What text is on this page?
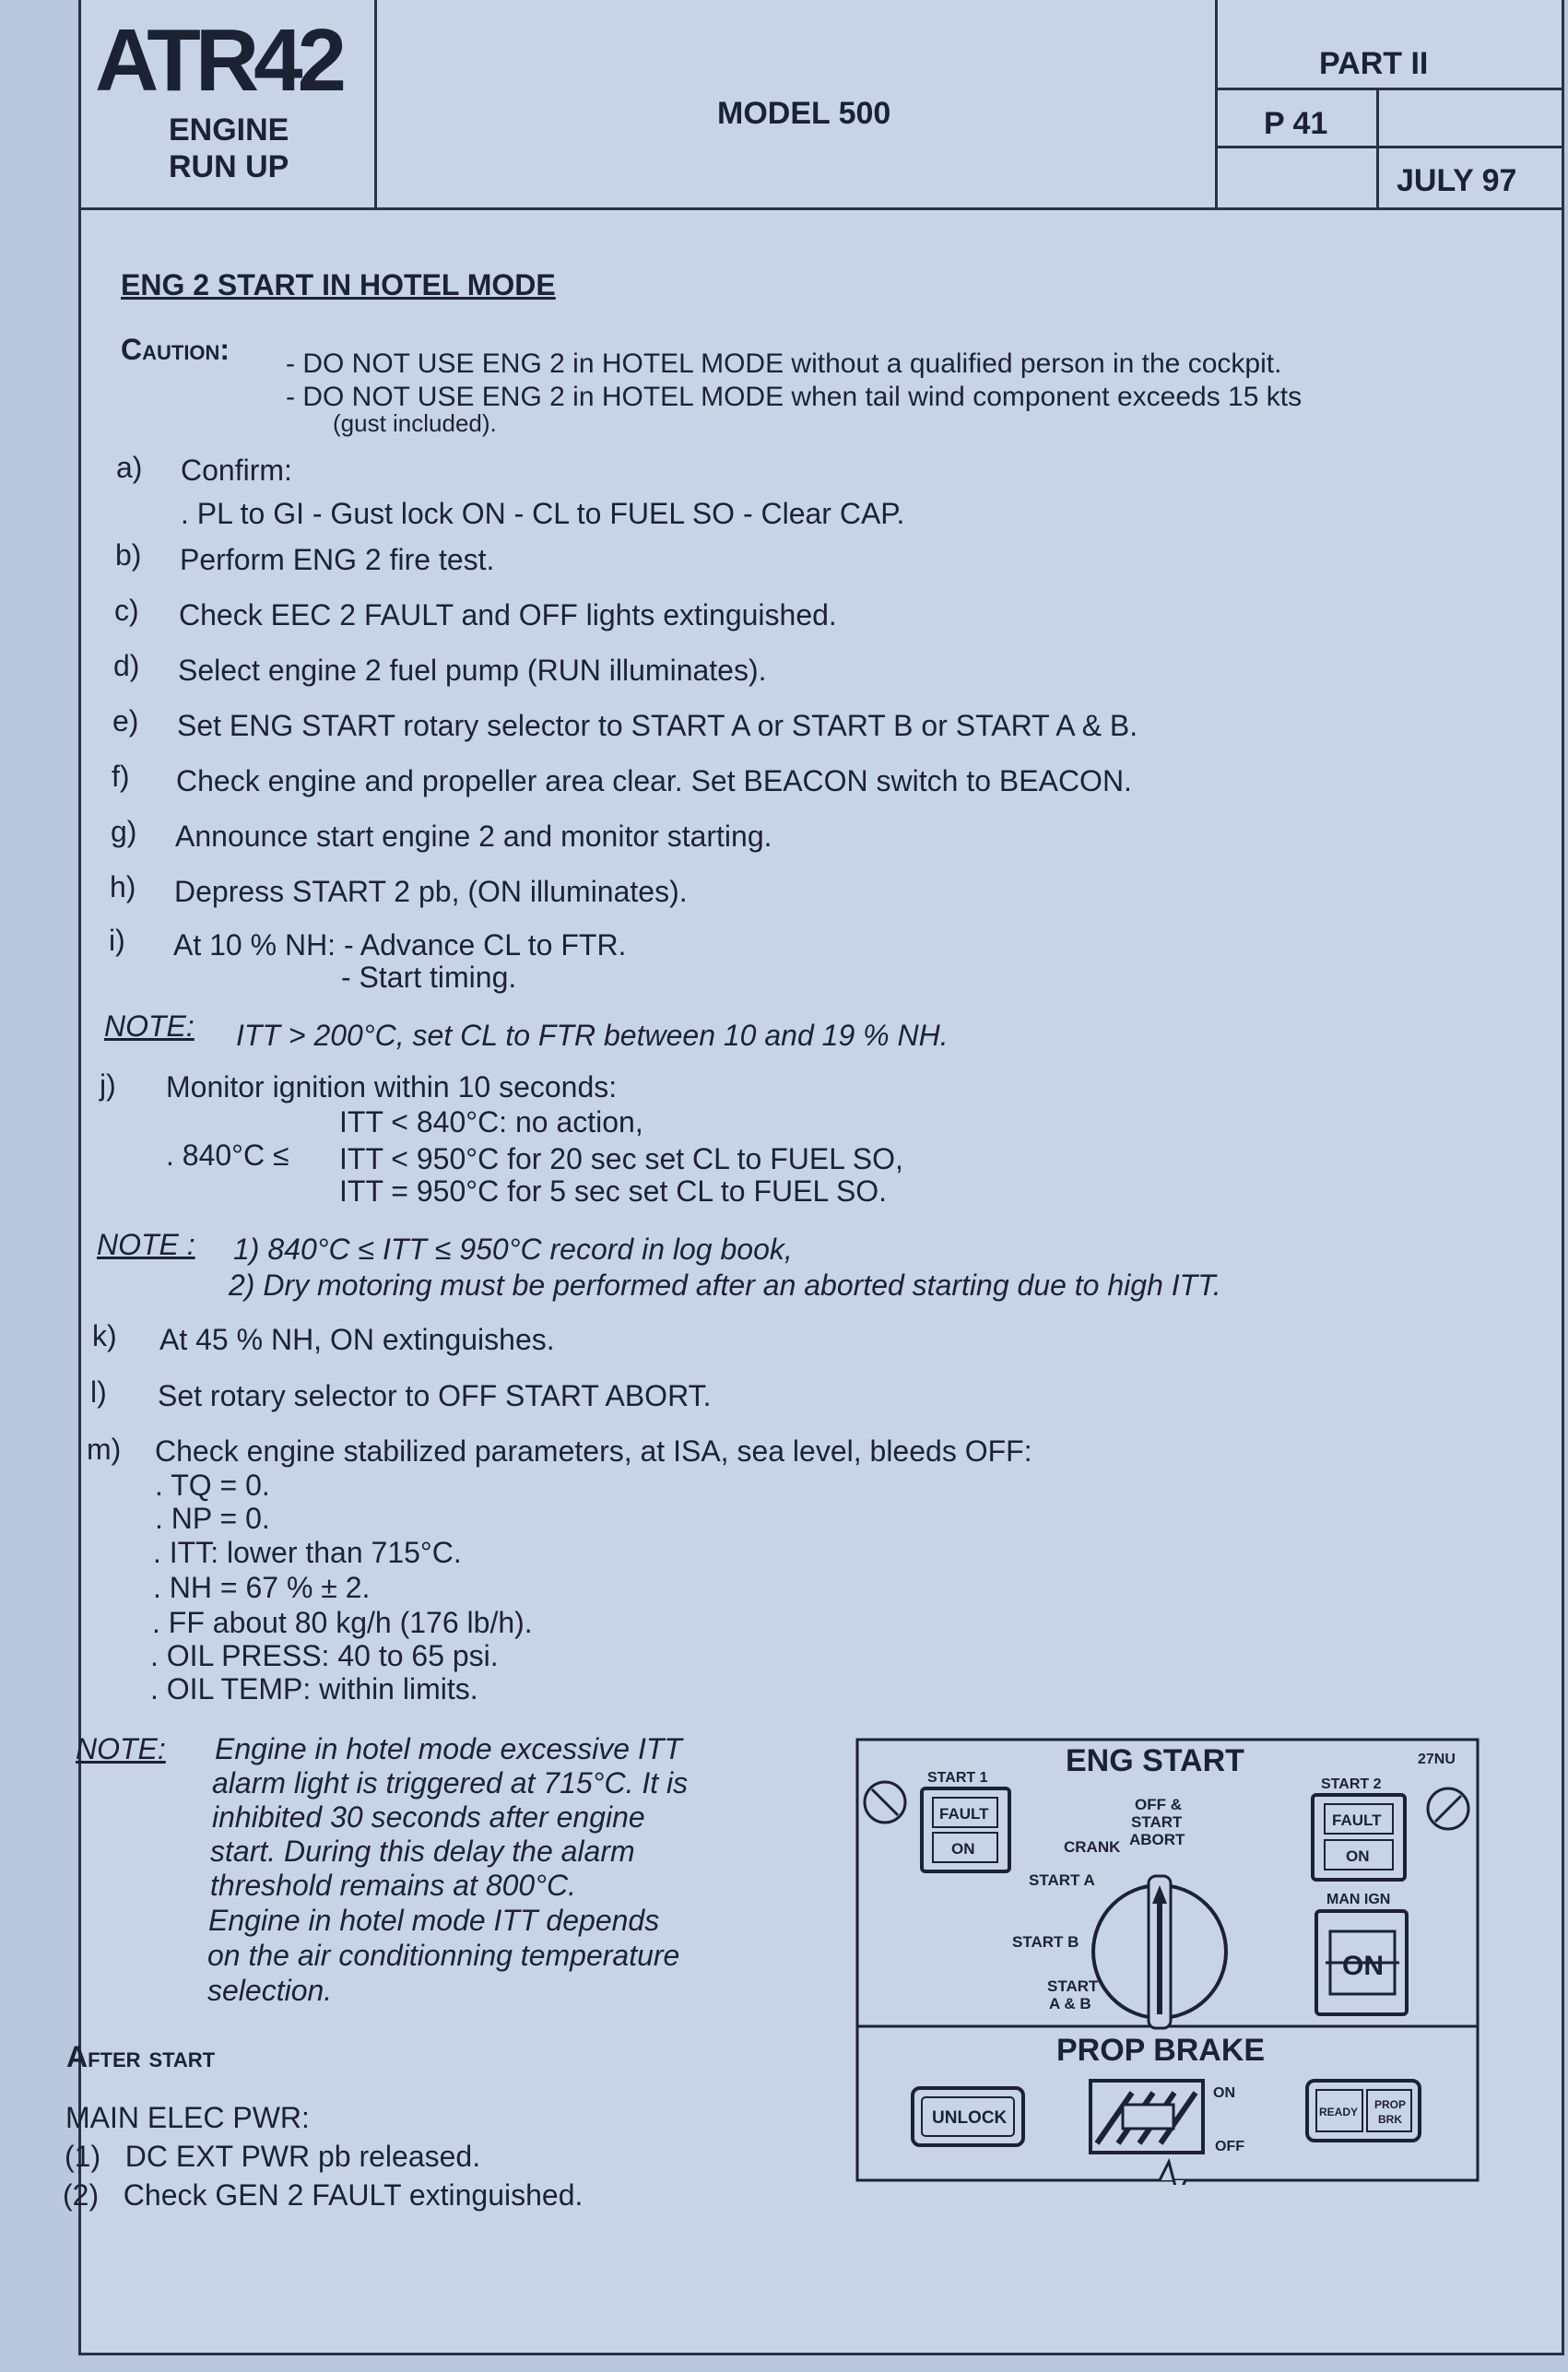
ATR42
ENGINE
RUN UP
MODEL 500
PART II
P 41
JULY 97
ENG 2 START IN HOTEL MODE
Caution: - DO NOT USE ENG 2 in HOTEL MODE without a qualified person in the cockpit.
- DO NOT USE ENG 2 in HOTEL MODE when tail wind component exceeds 15 kts
(gust included).
a) Confirm:
. PL to GI - Gust lock ON - CL to FUEL SO - Clear CAP.
b) Perform ENG 2 fire test.
c) Check EEC 2 FAULT and OFF lights extinguished.
d) Select engine 2 fuel pump (RUN illuminates).
e) Set ENG START rotary selector to START A or START B or START A & B.
f) Check engine and propeller area clear. Set BEACON switch to BEACON.
g) Announce start engine 2 and monitor starting.
h) Depress START 2 pb, (ON illuminates).
i) At 10 % NH: - Advance CL to FTR.
- Start timing.
NOTE: ITT > 200°C, set CL to FTR between 10 and 19 % NH.
j) Monitor ignition within 10 seconds:
ITT < 840°C: no action,
. 840°C ≤ ITT < 950°C for 20 sec set CL to FUEL SO,
ITT = 950°C for 5 sec set CL to FUEL SO.
NOTE : 1) 840°C ≤ ITT ≤ 950°C record in log book,
2) Dry motoring must be performed after an aborted starting due to high ITT.
k) At 45 % NH, ON extinguishes.
l) Set rotary selector to OFF START ABORT.
m) Check engine stabilized parameters, at ISA, sea level, bleeds OFF:
. TQ = 0.
. NP = 0.
. ITT: lower than 715°C.
. NH = 67 % ± 2.
. FF about 80 kg/h (176 lb/h).
. OIL PRESS: 40 to 65 psi.
. OIL TEMP: within limits.
NOTE: Engine in hotel mode excessive ITT
alarm light is triggered at 715°C. It is
inhibited 30 seconds after engine
start. During this delay the alarm
threshold remains at 800°C.
Engine in hotel mode ITT depends
on the air conditionning temperature
selection.
After start
MAIN ELEC PWR:
(1)   DC EXT PWR pb released.
(2)   Check GEN 2 FAULT extinguished.
ENG START	27NU
START 1
FAULT
ON
START 2
FAULT
ON
MAN IGN
ON
OFF &
START
ABORT
CRANK
START A
START B
START
A & B
PROP BRAKE
UNLOCK
ON
OFF
READY
PROP
BRK
